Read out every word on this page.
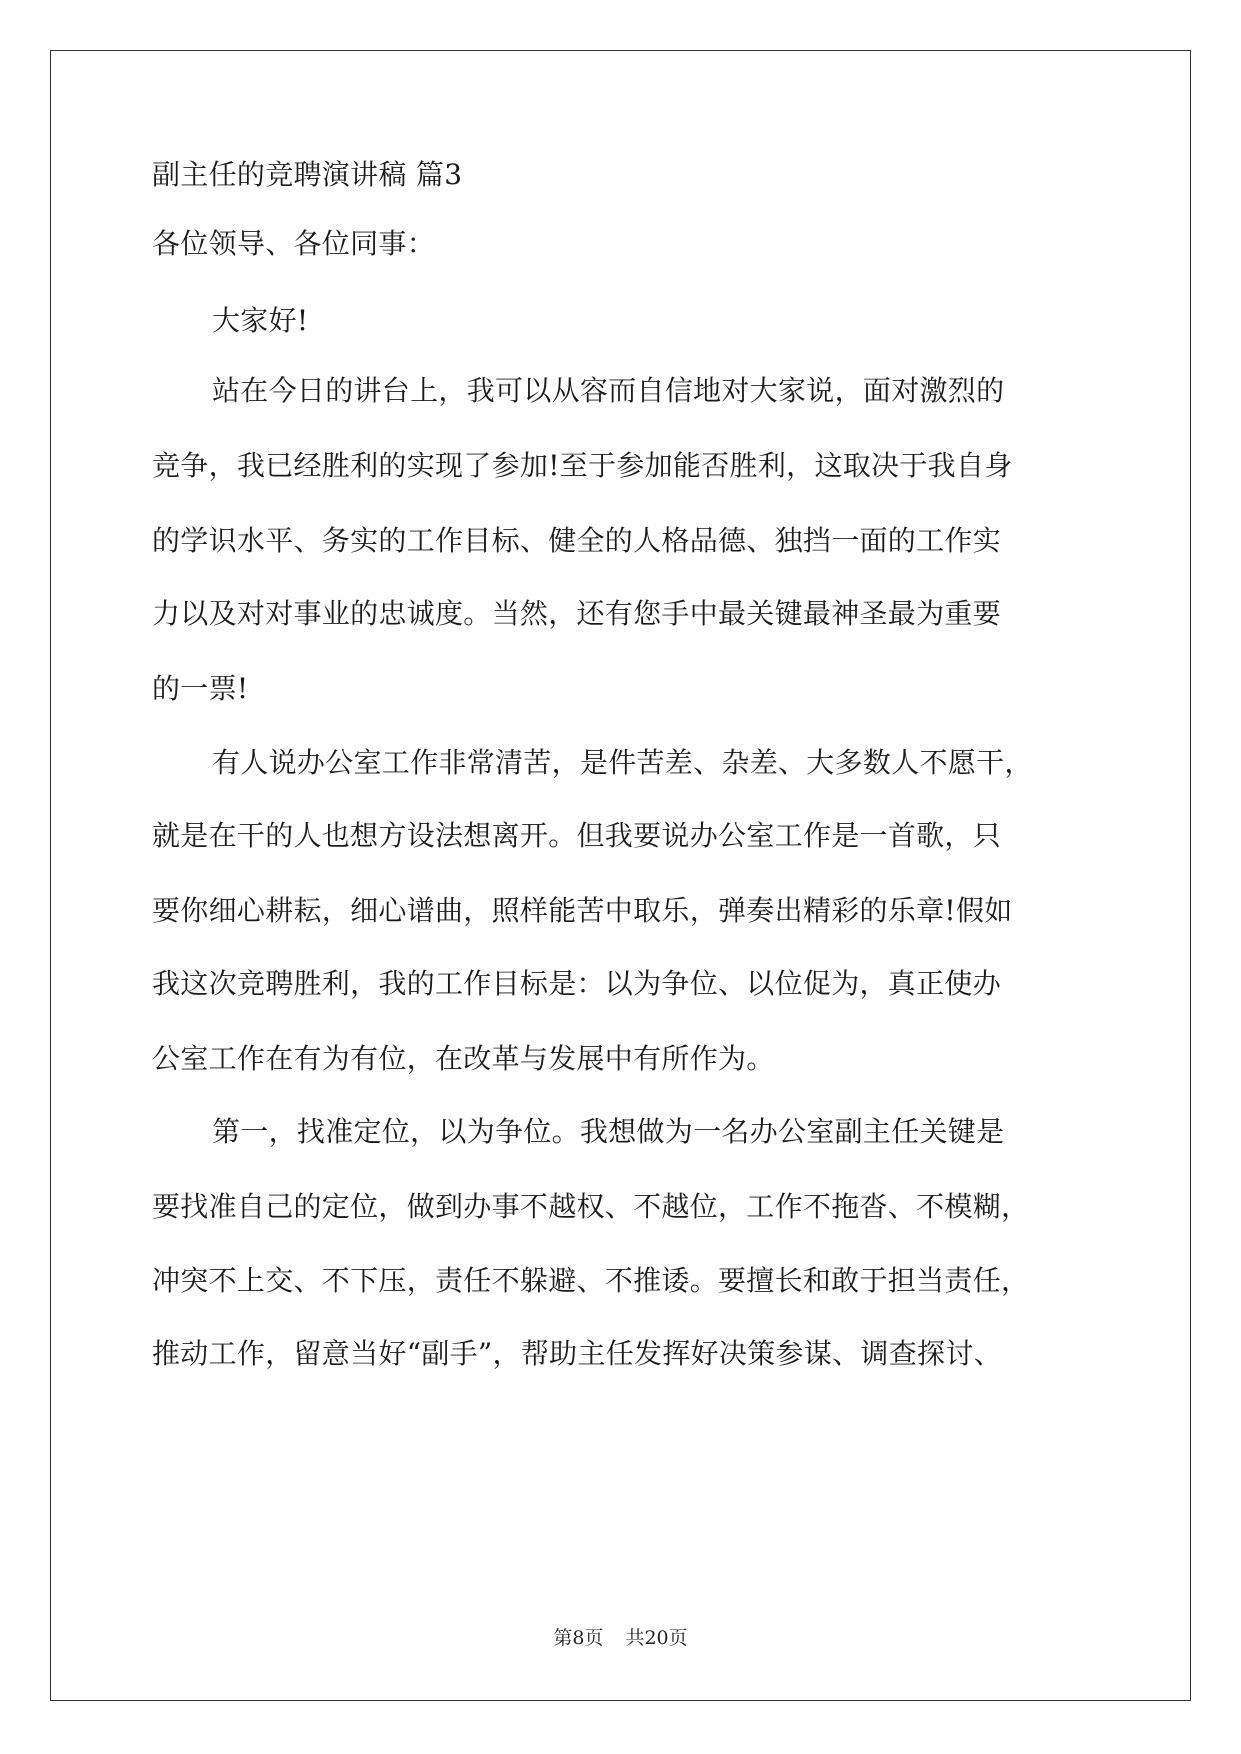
副主任的竞聘演讲稿 篇3
各位领导、各位同事：
大家好!
站在今日的讲台上，我可以从容而自信地对大家说，面对激烈的
竞争，我已经胜利的实现了参加!至于参加能否胜利，这取决于我自身
的学识水平、务实的工作目标、健全的人格品德、独挡一面的工作实
力以及对对事业的忠诚度。当然，还有您手中最关键最神圣最为重要
的一票!
有人说办公室工作非常清苦，是件苦差、杂差、大多数人不愿干，
就是在干的人也想方设法想离开。但我要说办公室工作是一首歌，只
要你细心耕耘，细心谱曲，照样能苦中取乐，弹奏出精彩的乐章!假如
我这次竞聘胜利，我的工作目标是：以为争位、以位促为，真正使办
公室工作在有为有位，在改革与发展中有所作为。
第一，找准定位，以为争位。我想做为一名办公室副主任关键是
要找准自己的定位，做到办事不越权、不越位，工作不拖沓、不模糊，
冲突不上交、不下压，责任不躲避、不推诿。要擅长和敢于担当责任，
推动工作，留意当好“副手”，帮助主任发挥好决策参谋、调查探讨、
第8页 共20页
